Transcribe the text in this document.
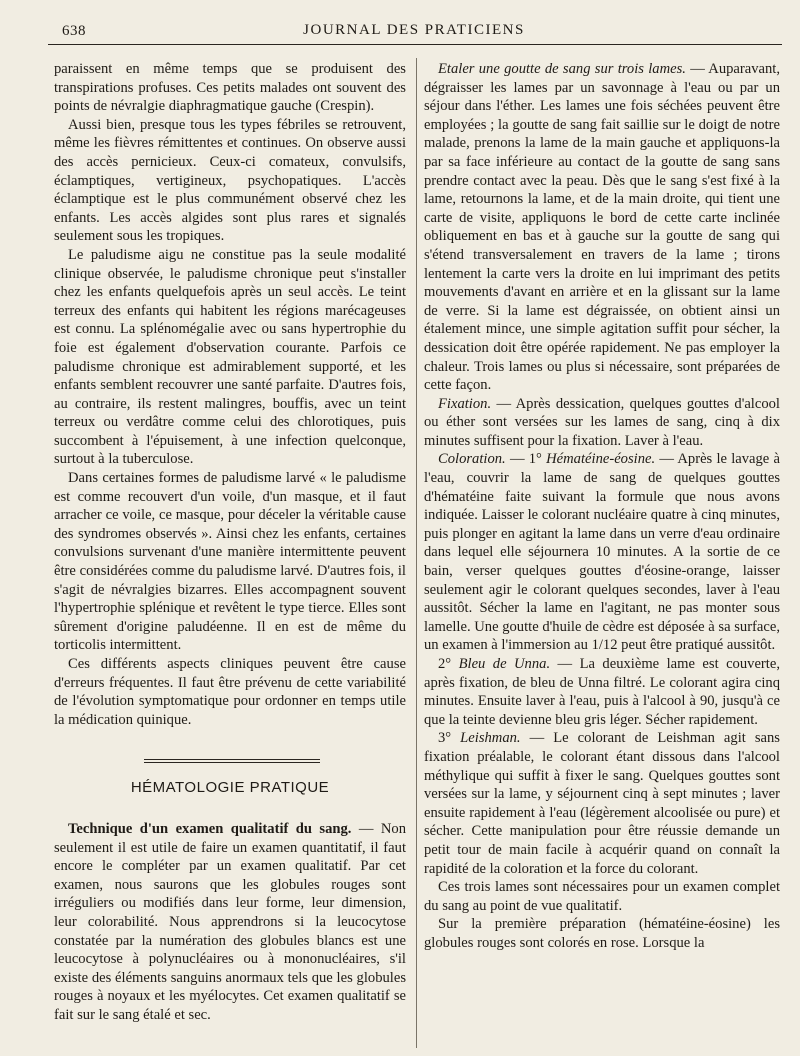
638	JOURNAL DES PRATICIENS

paraissent en même temps que se produisent des transpirations profuses. Ces petits malades ont souvent des points de névralgie diaphragmatique gauche (Crespin).

Aussi bien, presque tous les types fébriles se retrouvent, même les fièvres rémittentes et continues. On observe aussi des accès pernicieux. Ceux-ci comateux, convulsifs, éclamptiques, vertigineux, psychopatiques. L'accès éclamptique est le plus communément observé chez les enfants. Les accès algides sont plus rares et signalés seulement sous les tropiques.

Le paludisme aigu ne constitue pas la seule modalité clinique observée, le paludisme chronique peut s'installer chez les enfants quelquefois après un seul accès. Le teint terreux des enfants qui habitent les régions marécageuses est connu. La splénomégalie avec ou sans hypertrophie du foie est également d'observation courante. Parfois ce paludisme chronique est admirablement supporté, et les enfants semblent recouvrer une santé parfaite. D'autres fois, au contraire, ils restent malingres, bouffis, avec un teint terreux ou verdâtre comme celui des chlorotiques, puis succombent à l'épuisement, à une infection quelconque, surtout à la tuberculose.

Dans certaines formes de paludisme larvé « le paludisme est comme recouvert d'un voile, d'un masque, et il faut arracher ce voile, ce masque, pour déceler la véritable cause des syndromes observés ». Ainsi chez les enfants, certaines convulsions survenant d'une manière intermittente peuvent être considérées comme du paludisme larvé. D'autres fois, il s'agit de névralgies bizarres. Elles accompagnent souvent l'hypertrophie splénique et revêtent le type tierce. Elles sont sûrement d'origine paludéenne. Il en est de même du torticolis intermittent.

Ces différents aspects cliniques peuvent être cause d'erreurs fréquentes. Il faut être prévenu de cette variabilité de l'évolution symptomatique pour ordonner en temps utile la médication quinique.

HÉMATOLOGIE PRATIQUE

Technique d'un examen qualitatif du sang. — Non seulement il est utile de faire un examen quantitatif, il faut encore le compléter par un examen qualitatif. Par cet examen, nous saurons que les globules rouges sont irréguliers ou modifiés dans leur forme, leur dimension, leur colorabilité. Nous apprendrons si la leucocytose constatée par la numération des globules blancs est une leucocytose à polynucléaires ou à mononucléaires, s'il existe des éléments sanguins anormaux tels que les globules rouges à noyaux et les myélocytes. Cet examen qualitatif se fait sur le sang étalé et sec.

Etaler une goutte de sang sur trois lames. — Auparavant, dégraisser les lames par un savonnage à l'eau ou par un séjour dans l'éther. Les lames une fois séchées peuvent être employées ; la goutte de sang fait saillie sur le doigt de notre malade, prenons la lame de la main gauche et appliquons-la par sa face inférieure au contact de la goutte de sang sans prendre contact avec la peau. Dès que le sang s'est fixé à la lame, retournons la lame, et de la main droite, qui tient une carte de visite, appliquons le bord de cette carte inclinée obliquement en bas et à gauche sur la goutte de sang qui s'étend transversalement en travers de la lame ; tirons lentement la carte vers la droite en lui imprimant des petits mouvements d'avant en arrière et en la glissant sur la lame de verre. Si la lame est dégraissée, on obtient ainsi un étalement mince, une simple agitation suffit pour sécher, la dessication doit être opérée rapidement. Ne pas employer la chaleur. Trois lames ou plus si nécessaire, sont préparées de cette façon.

Fixation. — Après dessication, quelques gouttes d'alcool ou éther sont versées sur les lames de sang, cinq à dix minutes suffisent pour la fixation. Laver à l'eau.

Coloration. — 1° Hématéine-éosine. — Après le lavage à l'eau, couvrir la lame de sang de quelques gouttes d'hématéine faite suivant la formule que nous avons indiquée. Laisser le colorant nucléaire quatre à cinq minutes, puis plonger en agitant la lame dans un verre d'eau ordinaire dans lequel elle séjournera 10 minutes. A la sortie de ce bain, verser quelques gouttes d'éosine-orange, laisser seulement agir le colorant quelques secondes, laver à l'eau aussitôt. Sécher la lame en l'agitant, ne pas monter sous lamelle. Une goutte d'huile de cèdre est déposée à sa surface, un examen à l'immersion au 1/12 peut être pratiqué aussitôt.

2° Bleu de Unna. — La deuxième lame est couverte, après fixation, de bleu de Unna filtré. Le colorant agira cinq minutes. Ensuite laver à l'eau, puis à l'alcool à 90, jusqu'à ce que la teinte devienne bleu gris léger. Sécher rapidement.

3° Leishman. — Le colorant de Leishman agit sans fixation préalable, le colorant étant dissous dans l'alcool méthylique qui suffit à fixer le sang. Quelques gouttes sont versées sur la lame, y séjournent cinq à sept minutes ; laver ensuite rapidement à l'eau (légèrement alcoolisée ou pure) et sécher. Cette manipulation pour être réussie demande un petit tour de main facile à acquérir quand on connaît la rapidité de la coloration et la force du colorant.

Ces trois lames sont nécessaires pour un examen complet du sang au point de vue qualitatif.

Sur la première préparation (hématéine-éosine) les globules rouges sont colorés en rose. Lorsque la
